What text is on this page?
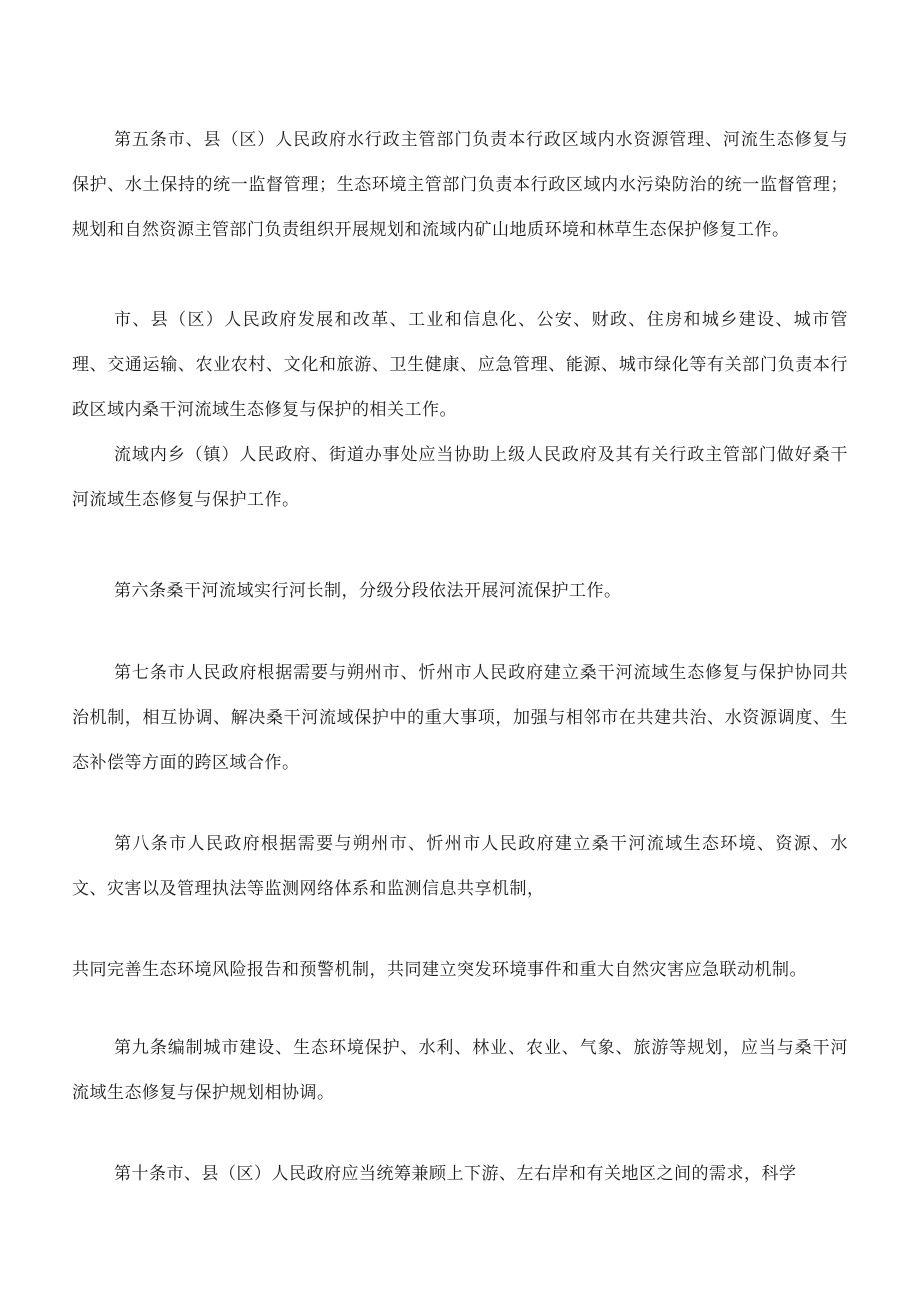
第五条市、县（区）人民政府水行政主管部门负责本行政区域内水资源管理、河流生态修复与保护、水土保持的统一监督管理；生态环境主管部门负责本行政区域内水污染防治的统一监督管理；规划和自然资源主管部门负责组织开展规划和流域内矿山地质环境和林草生态保护修复工作。

市、县（区）人民政府发展和改革、工业和信息化、公安、财政、住房和城乡建设、城市管理、交通运输、农业农村、文化和旅游、卫生健康、应急管理、能源、城市绿化等有关部门负责本行政区域内桑干河流域生态修复与保护的相关工作。

流域内乡（镇）人民政府、街道办事处应当协助上级人民政府及其有关行政主管部门做好桑干河流域生态修复与保护工作。

第六条桑干河流域实行河长制，分级分段依法开展河流保护工作。

第七条市人民政府根据需要与朔州市、忻州市人民政府建立桑干河流域生态修复与保护协同共治机制，相互协调、解决桑干河流域保护中的重大事项，加强与相邻市在共建共治、水资源调度、生态补偿等方面的跨区域合作。

第八条市人民政府根据需要与朔州市、忻州市人民政府建立桑干河流域生态环境、资源、水文、灾害以及管理执法等监测网络体系和监测信息共享机制，

共同完善生态环境风险报告和预警机制，共同建立突发环境事件和重大自然灾害应急联动机制。

第九条编制城市建设、生态环境保护、水利、林业、农业、气象、旅游等规划，应当与桑干河流域生态修复与保护规划相协调。

第十条市、县（区）人民政府应当统筹兼顾上下游、左右岸和有关地区之间的需求，科学
